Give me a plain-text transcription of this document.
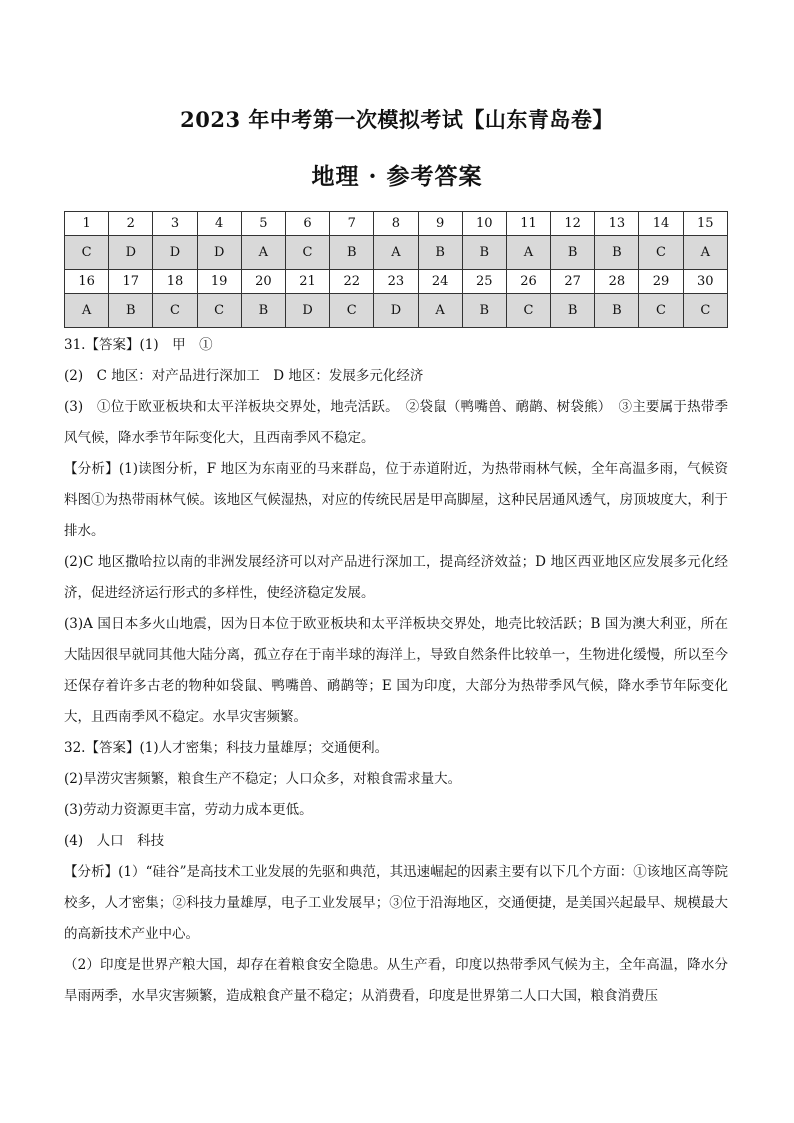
2023 年中考第一次模拟考试【山东青岛卷】
地理 · 参考答案
1	2	3	4	5	6	7	8	9	10	11	12	13	14	15
C	D	D	D	A	C	B	A	B	B	A	B	B	C	A
16	17	18	19	20	21	22	23	24	25	26	27	28	29	30
A	B	C	C	B	D	C	D	A	B	C	B	B	C	C

31.【答案】(1)　甲　①

(2)　C 地区：对产品进行深加工　D 地区：发展多元化经济

(3)　①位于欧亚板块和太平洋板块交界处，地壳活跃。　②袋鼠（鸭嘴兽、鸸鹋、树袋熊）　③主要属于热带季风气候，降水季节年际变化大，且西南季风不稳定。

【分析】(1)读图分析，F 地区为东南亚的马来群岛，位于赤道附近，为热带雨林气候，全年高温多雨，气候资料图①为热带雨林气候。该地区气候湿热，对应的传统民居是甲高脚屋，这种民居通风透气，房顶坡度大，利于排水。

(2)C 地区撒哈拉以南的非洲发展经济可以对产品进行深加工，提高经济效益；D 地区西亚地区应发展多元化经济，促进经济运行形式的多样性，使经济稳定发展。

(3)A 国日本多火山地震，因为日本位于欧亚板块和太平洋板块交界处，地壳比较活跃；B 国为澳大利亚，所在大陆因很早就同其他大陆分离，孤立存在于南半球的海洋上，导致自然条件比较单一，生物进化缓慢，所以至今还保存着许多古老的物种如袋鼠、鸭嘴兽、鸸鹋等；E 国为印度，大部分为热带季风气候，降水季节年际变化大，且西南季风不稳定。水旱灾害频繁。

32.【答案】(1)人才密集；科技力量雄厚；交通便利。

(2)旱涝灾害频繁，粮食生产不稳定；人口众多，对粮食需求量大。

(3)劳动力资源更丰富，劳动力成本更低。

(4)　人口　科技

【分析】(1）“硅谷”是高技术工业发展的先驱和典范，其迅速崛起的因素主要有以下几个方面：①该地区高等院校多，人才密集；②科技力量雄厚，电子工业发展早；③位于沿海地区，交通便捷，是美国兴起最早、规模最大的高新技术产业中心。

（2）印度是世界产粮大国，却存在着粮食安全隐患。从生产看，印度以热带季风气候为主，全年高温，降水分旱雨两季，水旱灾害频繁，造成粮食产量不稳定；从消费看，印度是世界第二人口大国，粮食消费压
